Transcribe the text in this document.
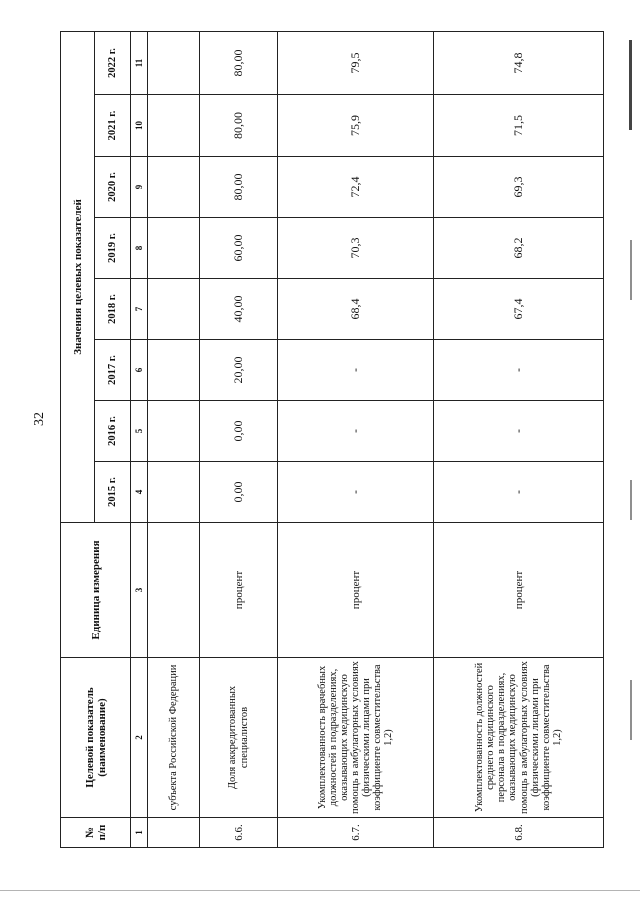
32
№ п/п	Целевой показатель (наименование)	Единица измерения	Значения целевых показателей							
			2015 г.	2016 г.	2017 г.	2018 г.	2019 г.	2020 г.	2021 г.	2022 г.
1	2	3	4	5	6	7	8	9	10	11
	субъекта Российской Федерации									
6.6.	Доля аккредитованных специалистов	процент	0,00	0,00	20,00	40,00	60,00	80,00	80,00	80,00
6.7.	Укомплектованность врачебных должностей в подразделениях, оказывающих медицинскую помощь в амбулаторных условиях (физическими лицами при коэффициенте совместительства 1,2)	процент	-	-	-	68,4	70,3	72,4	75,9	79,5
6.8.	Укомплектованность должностей среднего медицинского персонала в подразделениях, оказывающих медицинскую помощь в амбулаторных условиях (физическими лицами при коэффициенте совместительства 1,2)	процент	-	-	-	67,4	68,2	69,3	71,5	74,8
